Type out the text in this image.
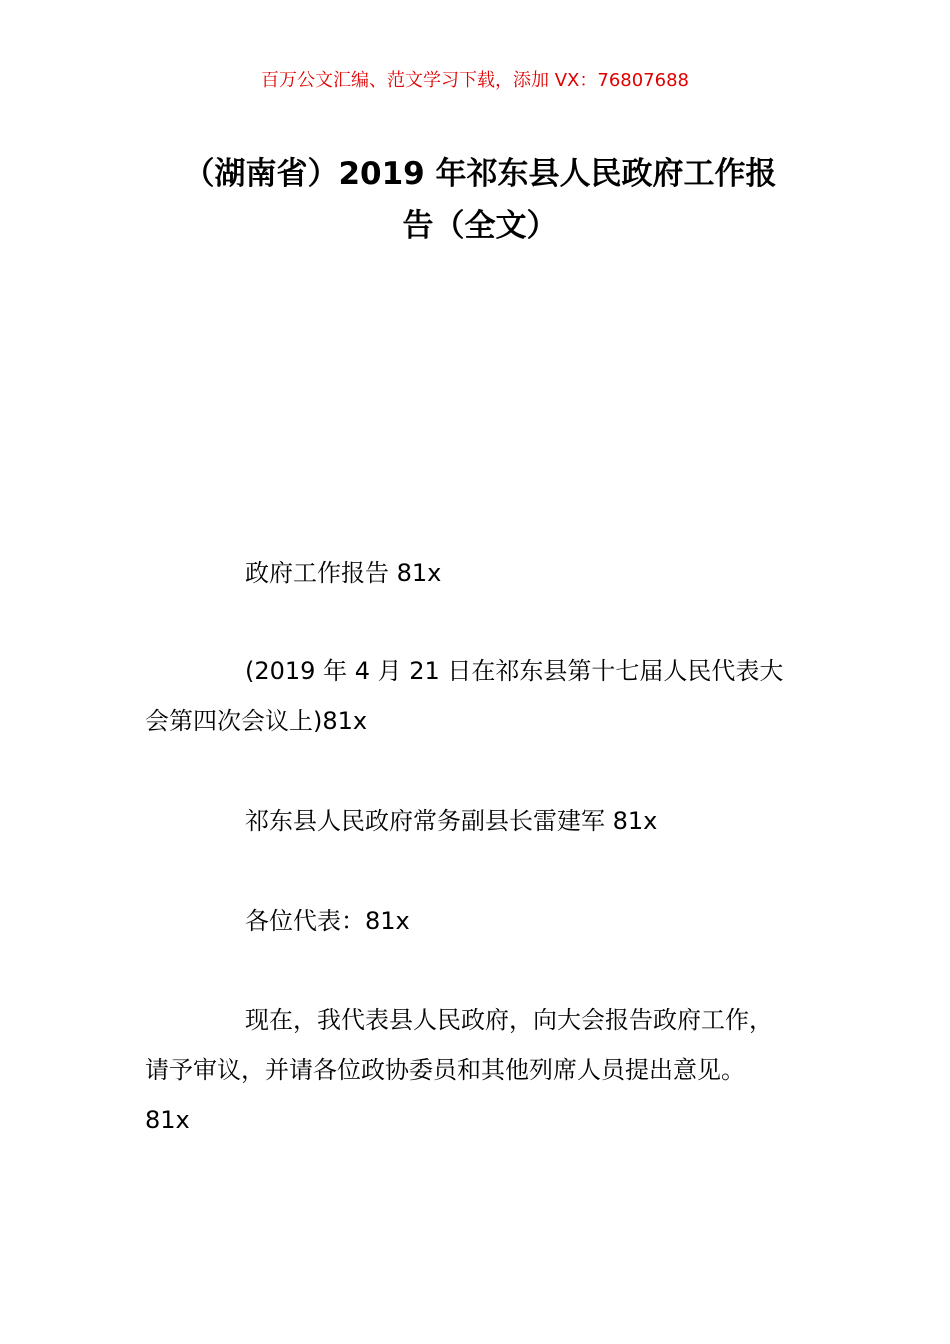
百万公文汇编、范文学习下载，添加 VX：76807688
（湖南省）2019 年祁东县人民政府工作报
告（全文）
政府工作报告 81x
(2019 年 4 月 21 日在祁东县第十七届人民代表大
会第四次会议上)81x
祁东县人民政府常务副县长雷建军 81x
各位代表：81x
现在，我代表县人民政府，向大会报告政府工作，
请予审议，并请各位政协委员和其他列席人员提出意见。
81x
